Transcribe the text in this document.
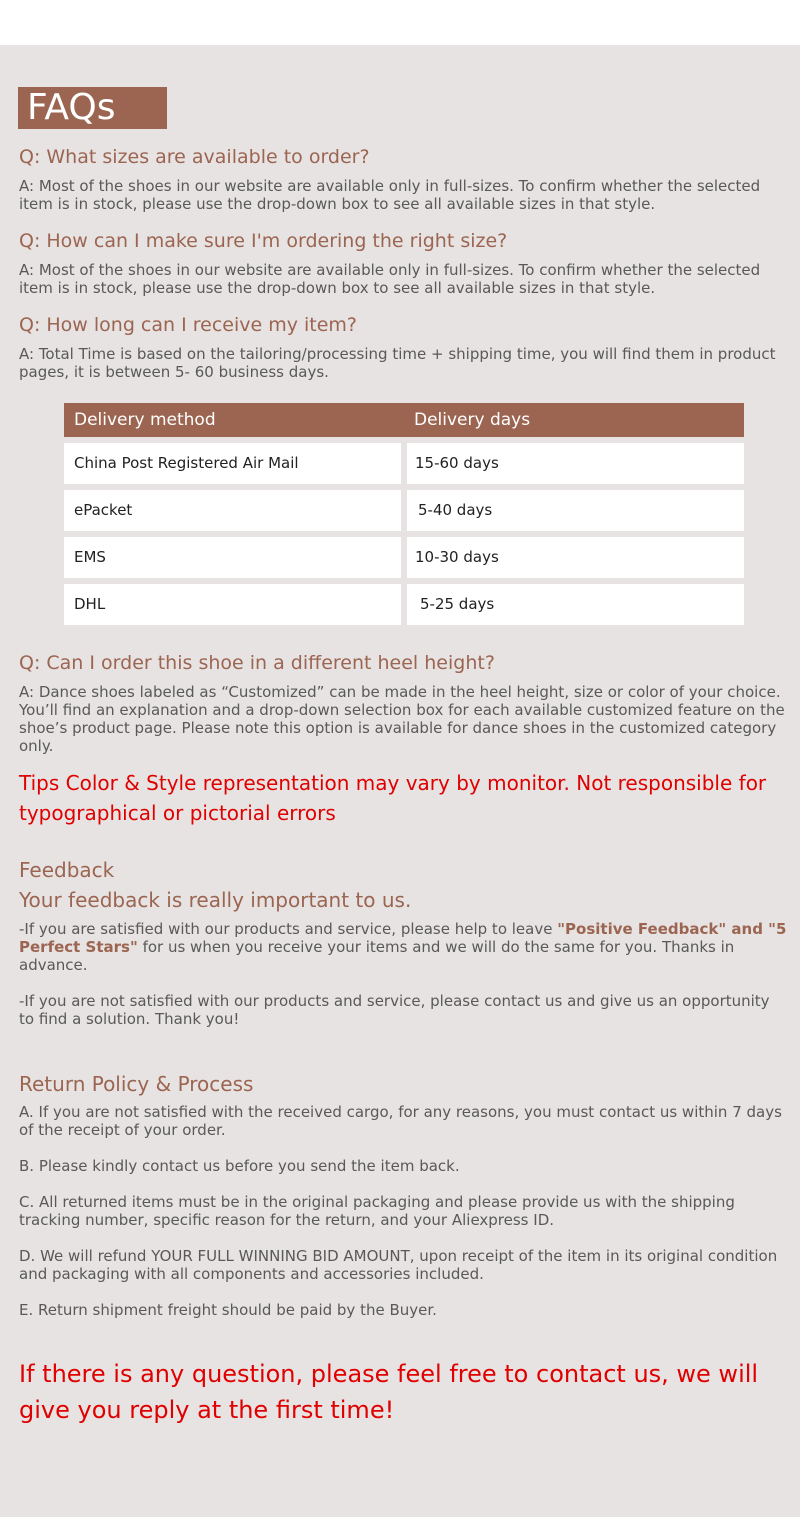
FAQs
Q: What sizes are available to order?
A: Most of the shoes in our website are available only in full-sizes. To confirm whether the selected item is in stock, please use the drop-down box to see all available sizes in that style.
Q: How can I make sure I'm ordering the right size?
A: Most of the shoes in our website are available only in full-sizes. To confirm whether the selected item is in stock, please use the drop-down box to see all available sizes in that style.
Q: How long can I receive my item?
A: Total Time is based on the tailoring/processing time + shipping time, you will find them in product pages, it is between 5- 60 business days.
Delivery method	Delivery days
China Post Registered Air Mail	15-60 days
ePacket	5-40 days
EMS	10-30 days
DHL	5-25 days
Q: Can I order this shoe in a different heel height?
A: Dance shoes labeled as “Customized” can be made in the heel height, size or color of your choice. You’ll find an explanation and a drop-down selection box for each available customized feature on the shoe’s product page. Please note this option is available for dance shoes in the customized category only.
Tips Color & Style representation may vary by monitor. Not responsible for typographical or pictorial errors
Feedback
Your feedback is really important to us.
-If you are satisfied with our products and service, please help to leave "Positive Feedback" and "5 Perfect Stars" for us when you receive your items and we will do the same for you. Thanks in advance.
-If you are not satisfied with our products and service, please contact us and give us an opportunity to find a solution. Thank you!
Return Policy & Process
A. If you are not satisfied with the received cargo, for any reasons, you must contact us within 7 days of the receipt of your order.
B. Please kindly contact us before you send the item back.
C. All returned items must be in the original packaging and please provide us with the shipping tracking number, specific reason for the return, and your Aliexpress ID.
D. We will refund YOUR FULL WINNING BID AMOUNT, upon receipt of the item in its original condition and packaging with all components and accessories included.
E. Return shipment freight should be paid by the Buyer.
If there is any question, please feel free to contact us, we will give you reply at the first time!
